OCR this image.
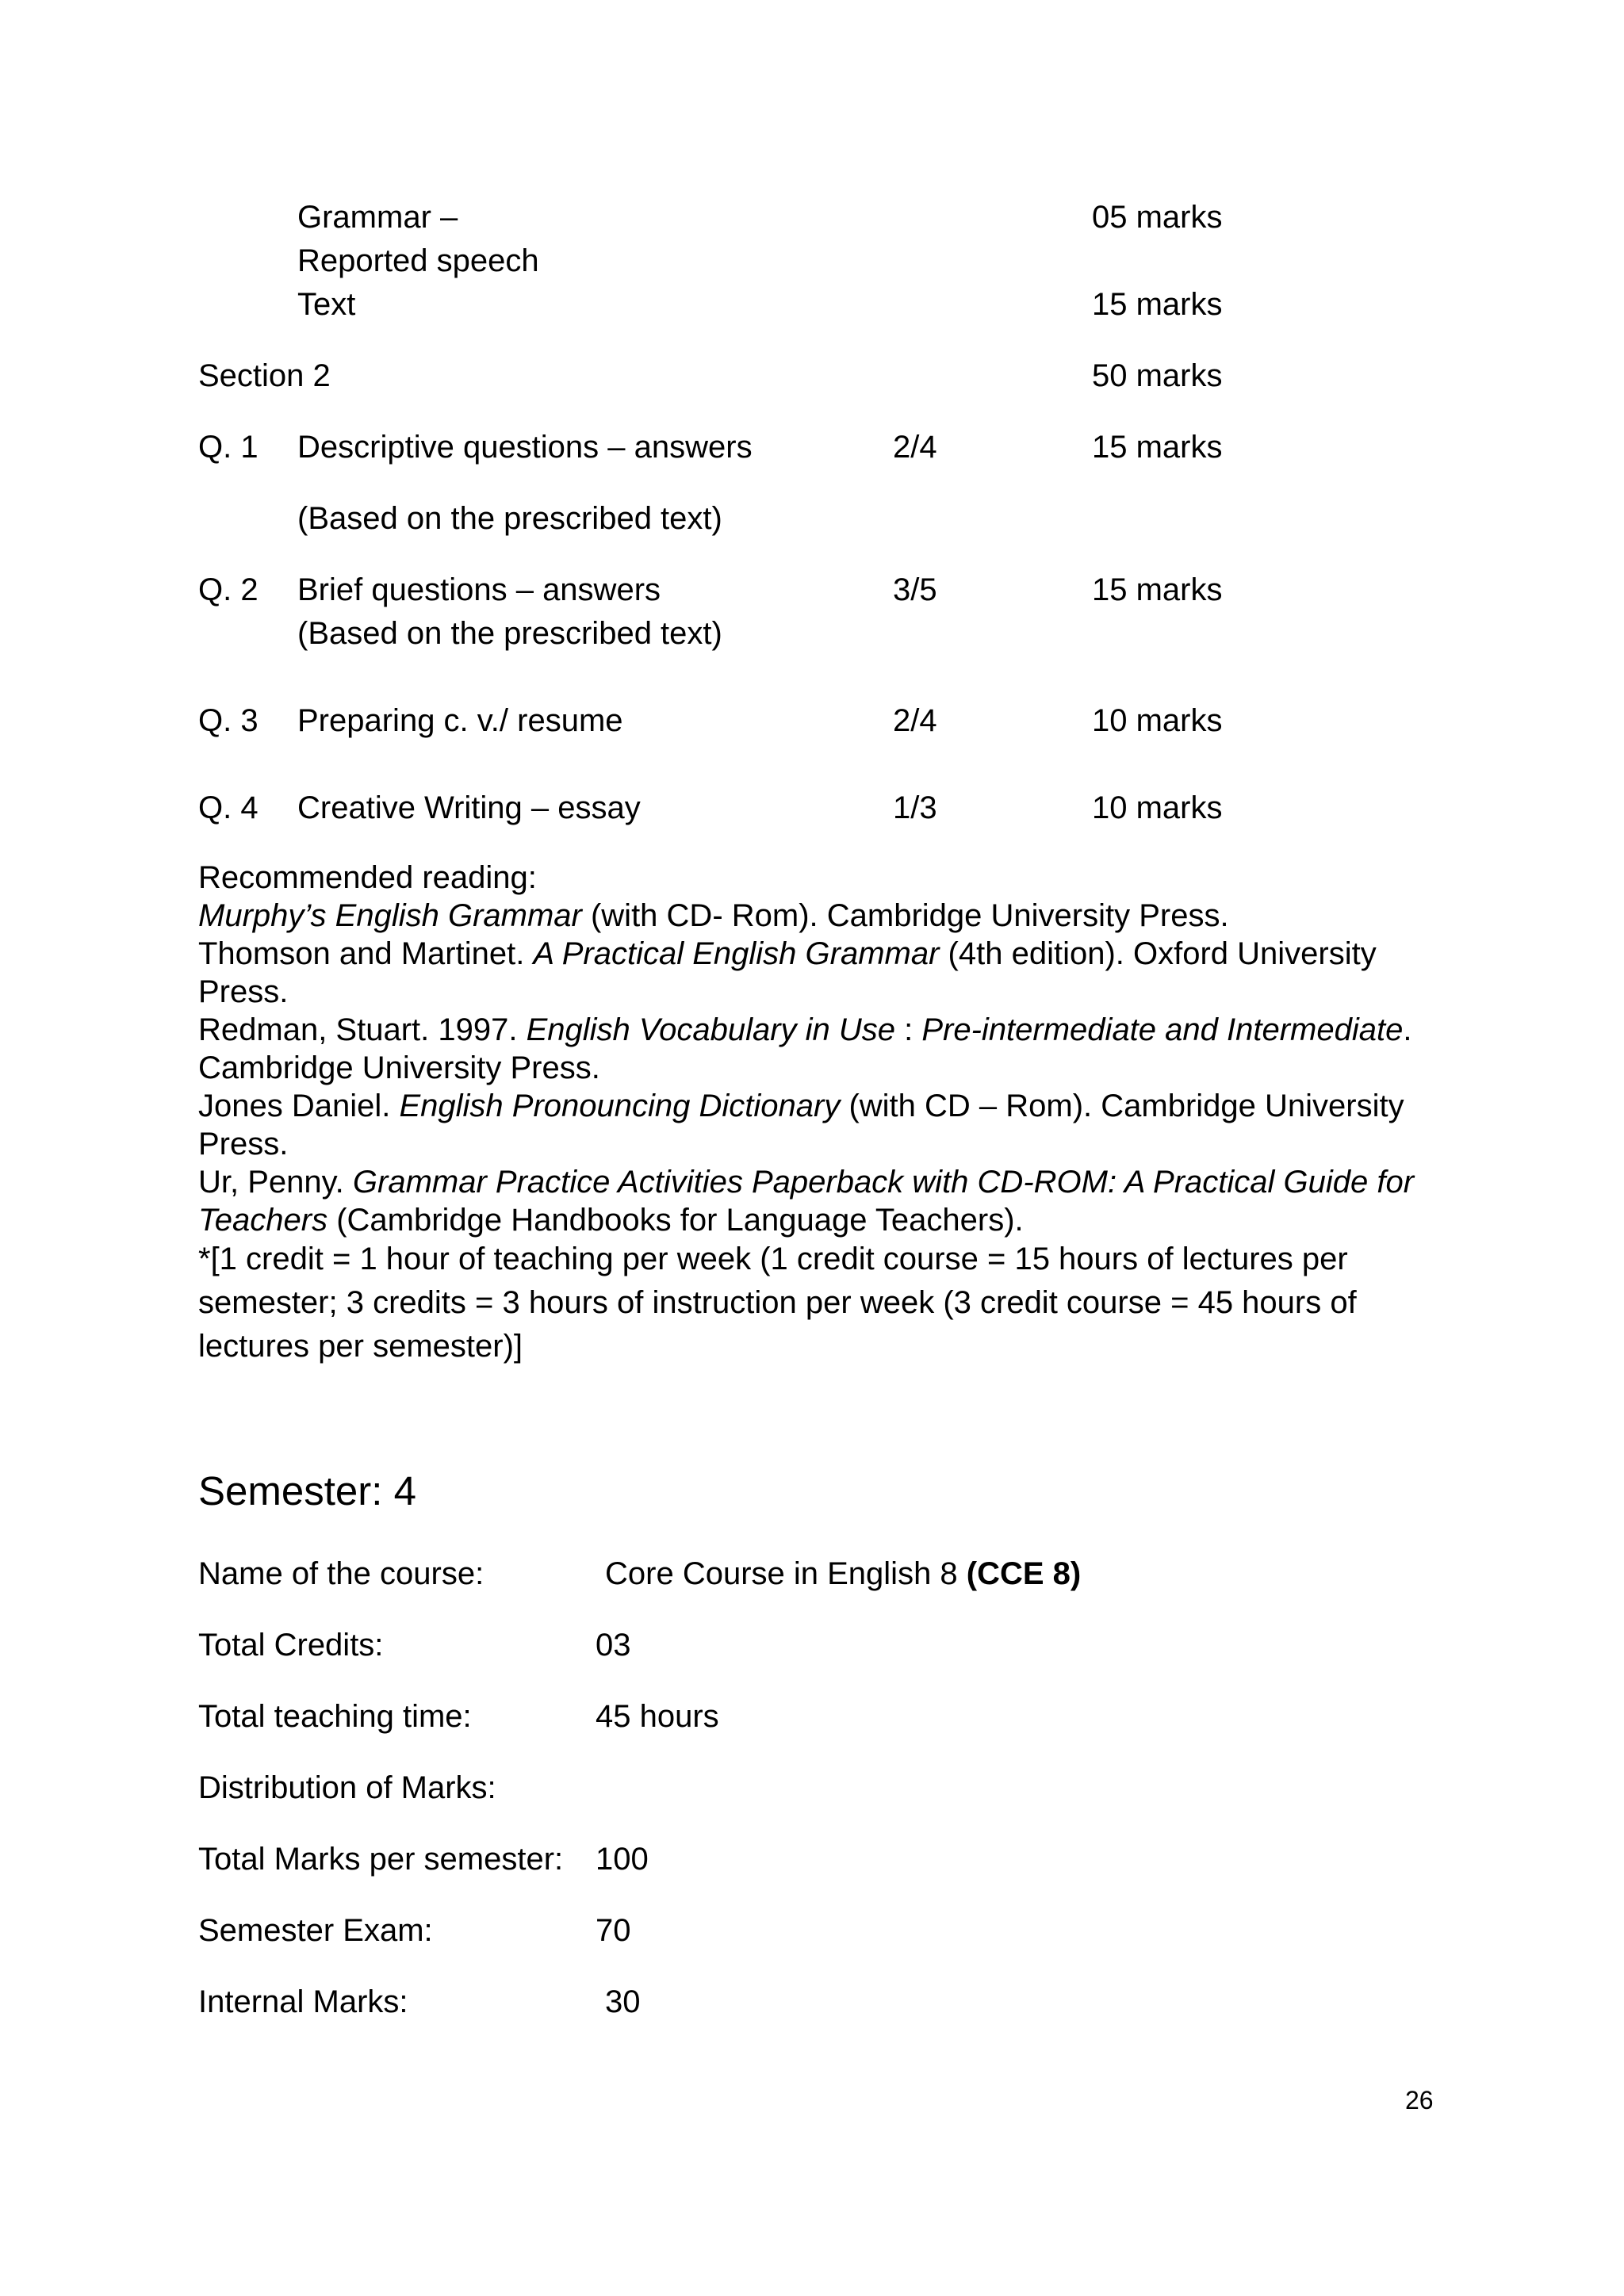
Grammar –	05 marks
Reported speech
Text	15 marks
Section 2	50 marks
Q. 1 Descriptive questions – answers	2/4	15 marks
(Based on the prescribed text)
Q. 2 Brief questions – answers	3/5	15 marks
(Based on the prescribed text)
Q. 3 Preparing c. v./ resume	2/4	10 marks
Q. 4 Creative Writing – essay	1/3	10 marks

Recommended reading:

Murphy’s English Grammar (with CD- Rom). Cambridge University Press.

Thomson and Martinet. A Practical English Grammar (4th edition). Oxford University Press.

Redman, Stuart. 1997. English Vocabulary in Use : Pre-intermediate and Intermediate. Cambridge University Press.

Jones Daniel. English Pronouncing Dictionary (with CD – Rom). Cambridge University Press.

Ur, Penny. Grammar Practice Activities Paperback with CD-ROM: A Practical Guide for Teachers (Cambridge Handbooks for Language Teachers).

*[1 credit = 1 hour of teaching per week (1 credit course = 15 hours of lectures per semester; 3 credits = 3 hours of instruction per week (3 credit course = 45 hours of lectures per semester)]
Semester: 4
Name of the course:	Core Course in English 8 (CCE 8)
Total Credits:	03
Total teaching time:	45 hours
Distribution of Marks:
Total Marks per semester: 100
Semester Exam:	70
Internal Marks:	30
26
